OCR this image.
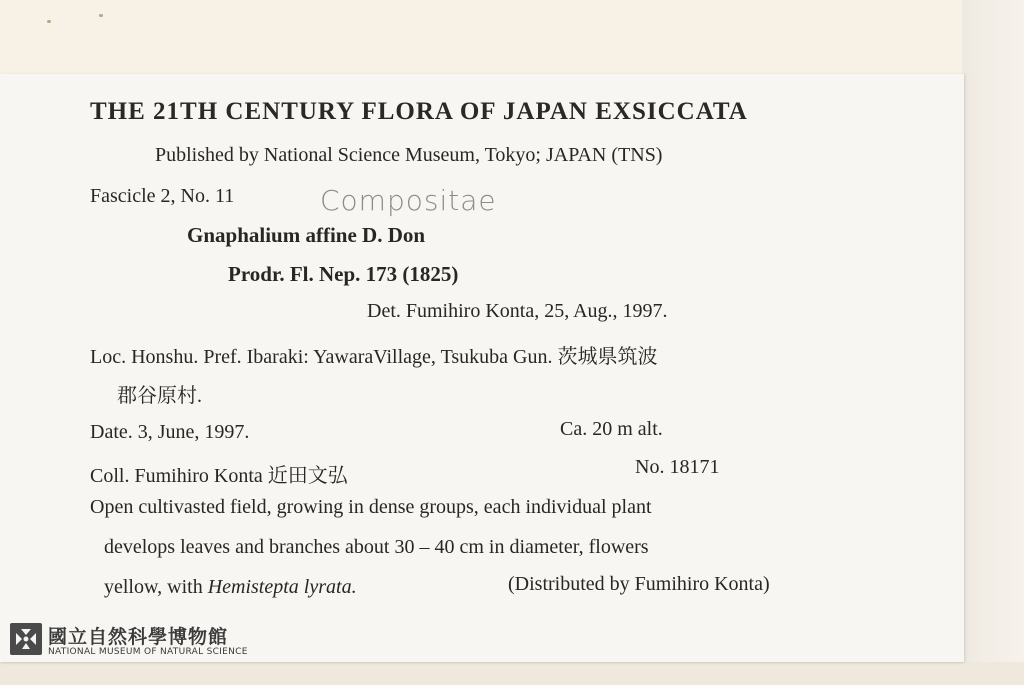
THE 21TH CENTURY FLORA OF JAPAN EXSICCATA
Published by National Science Museum, Tokyo; JAPAN (TNS)
Fascicle 2, No. 11	Compositae
Gnaphalium affine D. Don
Prodr. Fl. Nep. 173 (1825)
Det. Fumihiro Konta, 25, Aug., 1997.
Loc. Honshu. Pref. Ibaraki: YawaraVillage, Tsukuba Gun. 茨城県筑波
郡谷原村.
Date. 3, June, 1997.	Ca. 20 m alt.
Coll. Fumihiro Konta 近田文弘	No. 18171
Open cultivasted field, growing in dense groups, each individual plant
develops leaves and branches about 30 – 40 cm in diameter, flowers
yellow, with Hemistepta lyrata.	(Distributed by Fumihiro Konta)
國立自然科學博物館
NATIONAL MUSEUM OF NATURAL SCIENCE
